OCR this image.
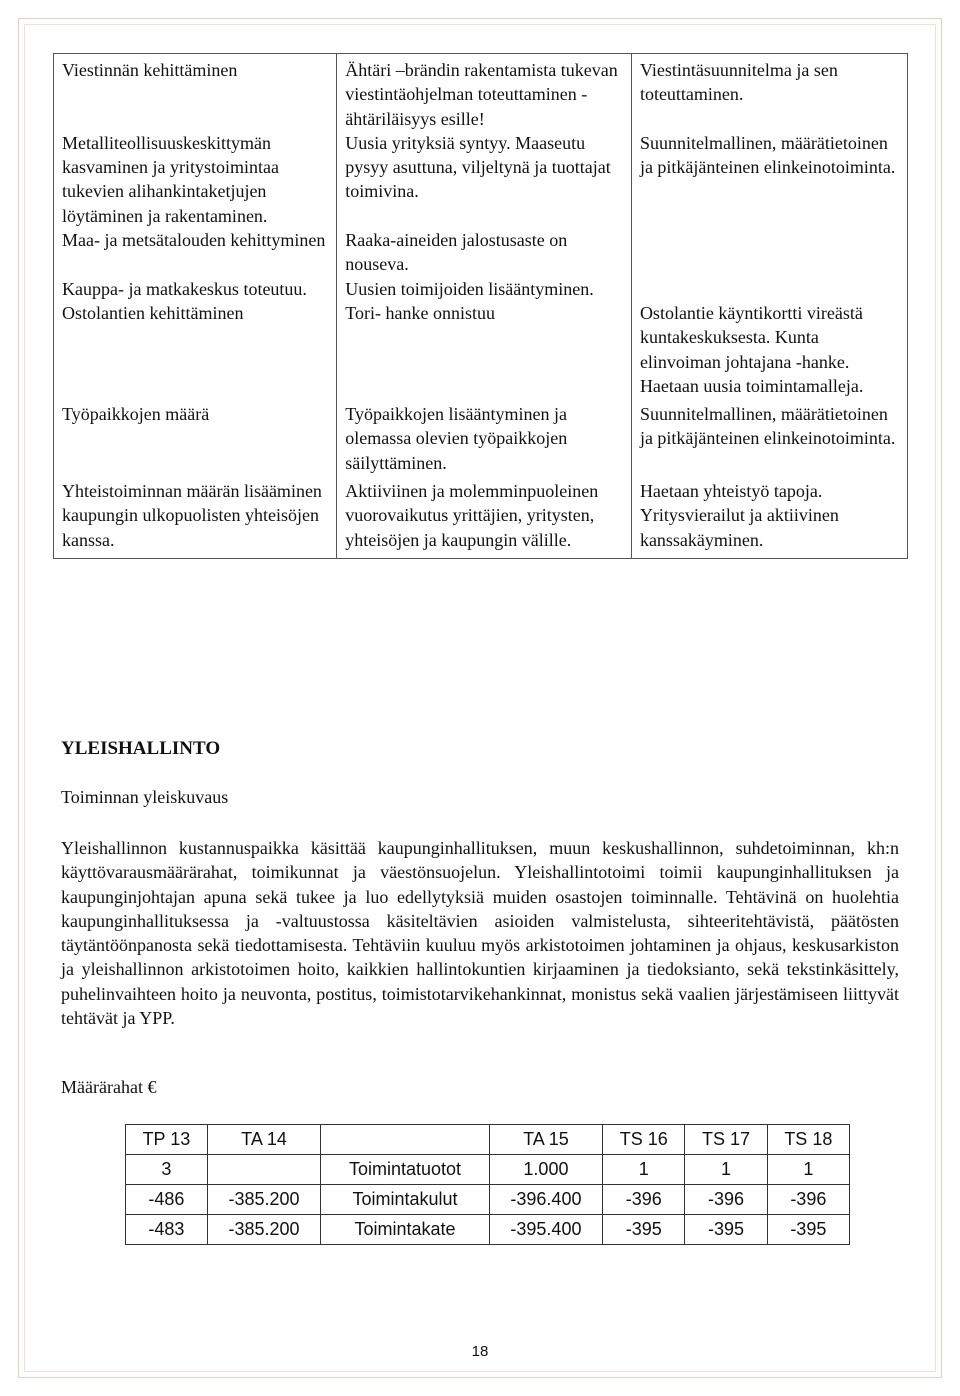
Viestinnän kehittäminen	Ähtäri –brändin rakentamista tukevan viestintäohjelman toteuttaminen - ähtäriläisyys esille!	Viestintäsuunnitelma ja sen toteuttaminen.
Metalliteollisuuskeskittymän kasvaminen ja yritystoimintaa tukevien alihankintaketjujen löytäminen ja rakentaminen.	Uusia yrityksiä syntyy. Maaseutu pysyy asuttuna, viljeltynä ja tuottajat toimivina.	Suunnitelmallinen, määrätietoinen ja pitkäjänteinen elinkeinotoiminta.
Maa- ja metsätalouden kehittyminen	Raaka-aineiden jalostusaste on nouseva.	
Kauppa- ja matkakeskus toteutuu.	Uusien toimijoiden lisääntyminen.	
Ostolantien kehittäminen	Tori- hanke onnistuu	Ostolantie käyntikortti vireästä kuntakeskuksesta. Kunta elinvoiman johtajana -hanke. Haetaan uusia toimintamalleja.
Työpaikkojen määrä	Työpaikkojen lisääntyminen ja olemassa olevien työpaikkojen säilyttäminen.	Suunnitelmallinen, määrätietoinen ja pitkäjänteinen elinkeinotoiminta.
Yhteistoiminnan määrän lisääminen kaupungin ulkopuolisten yhteisöjen kanssa.	Aktiiviinen ja molemminpuoleinen vuorovaikutus yrittäjien, yritysten, yhteisöjen ja kaupungin välille.	Haetaan yhteistyö tapoja. Yritysvierailut ja aktiivinen kanssakäyminen.
YLEISHALLINTO
Toiminnan yleiskuvaus
Yleishallinnon kustannuspaikka käsittää kaupunginhallituksen, muun keskushallinnon, suhdetoiminnan, kh:n käyttövarausmäärärahat, toimikunnat ja väestönsuojelun. Yleishallintotoimi toimii kaupunginhallituksen ja kaupunginjohtajan apuna sekä tukee ja luo edellytyksiä muiden osastojen toiminnalle. Tehtävinä on huolehtia kaupunginhallituksessa ja -valtuustossa käsiteltävien asioiden valmistelusta, sihteeritehtävistä, päätösten täytäntöönpanosta sekä tiedottamisesta. Tehtäviin kuuluu myös arkistotoimen johtaminen ja ohjaus, keskusarkiston ja yleishallinnon arkistotoimen hoito, kaikkien hallintokuntien kirjaaminen ja tiedoksianto, sekä tekstinkäsittely, puhelinvaihteen hoito ja neuvonta, postitus, toimistotarvikehankinnat, monistus sekä vaalien järjestämiseen liittyvät tehtävät ja YPP.
Määrärahat €
TP 13	TA 14		TA 15	TS 16	TS 17	TS 18
3		Toimintatuotot	1.000	1	1	1
-486	-385.200	Toimintakulut	-396.400	-396	-396	-396
-483	-385.200	Toimintakate	-395.400	-395	-395	-395
18
